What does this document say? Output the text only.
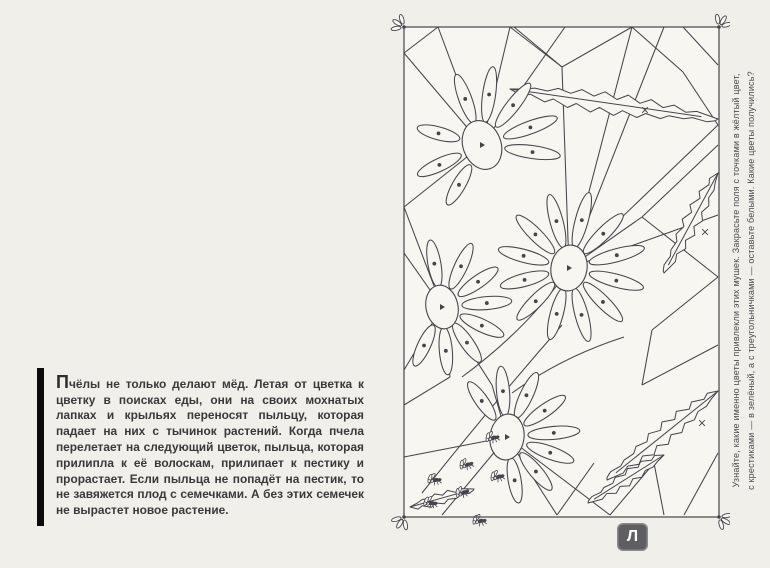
Пчёлы не только делают мёд. Летая от цветка к цветку в поисках еды, они на своих мохнатых лапках и крыльях переносят пыльцу, которая падает на них с тычинок растений. Когда пчела перелетает на следующий цветок, пыльца, которая прилипла к её волоскам, прилипает к пестику и прорастает. Если пыльца не попадёт на пестик, то не завяжется плод с семечками. А без этих семечек не вырастет новое растение.

Узнайте, какие именно цветы привлекли этих мушек. Закрасьте поля с точками в жёлтый цвет, с крестиками — в зелёный, а с треугольничками — оставьте белыми. Какие цветы получились?
Л
